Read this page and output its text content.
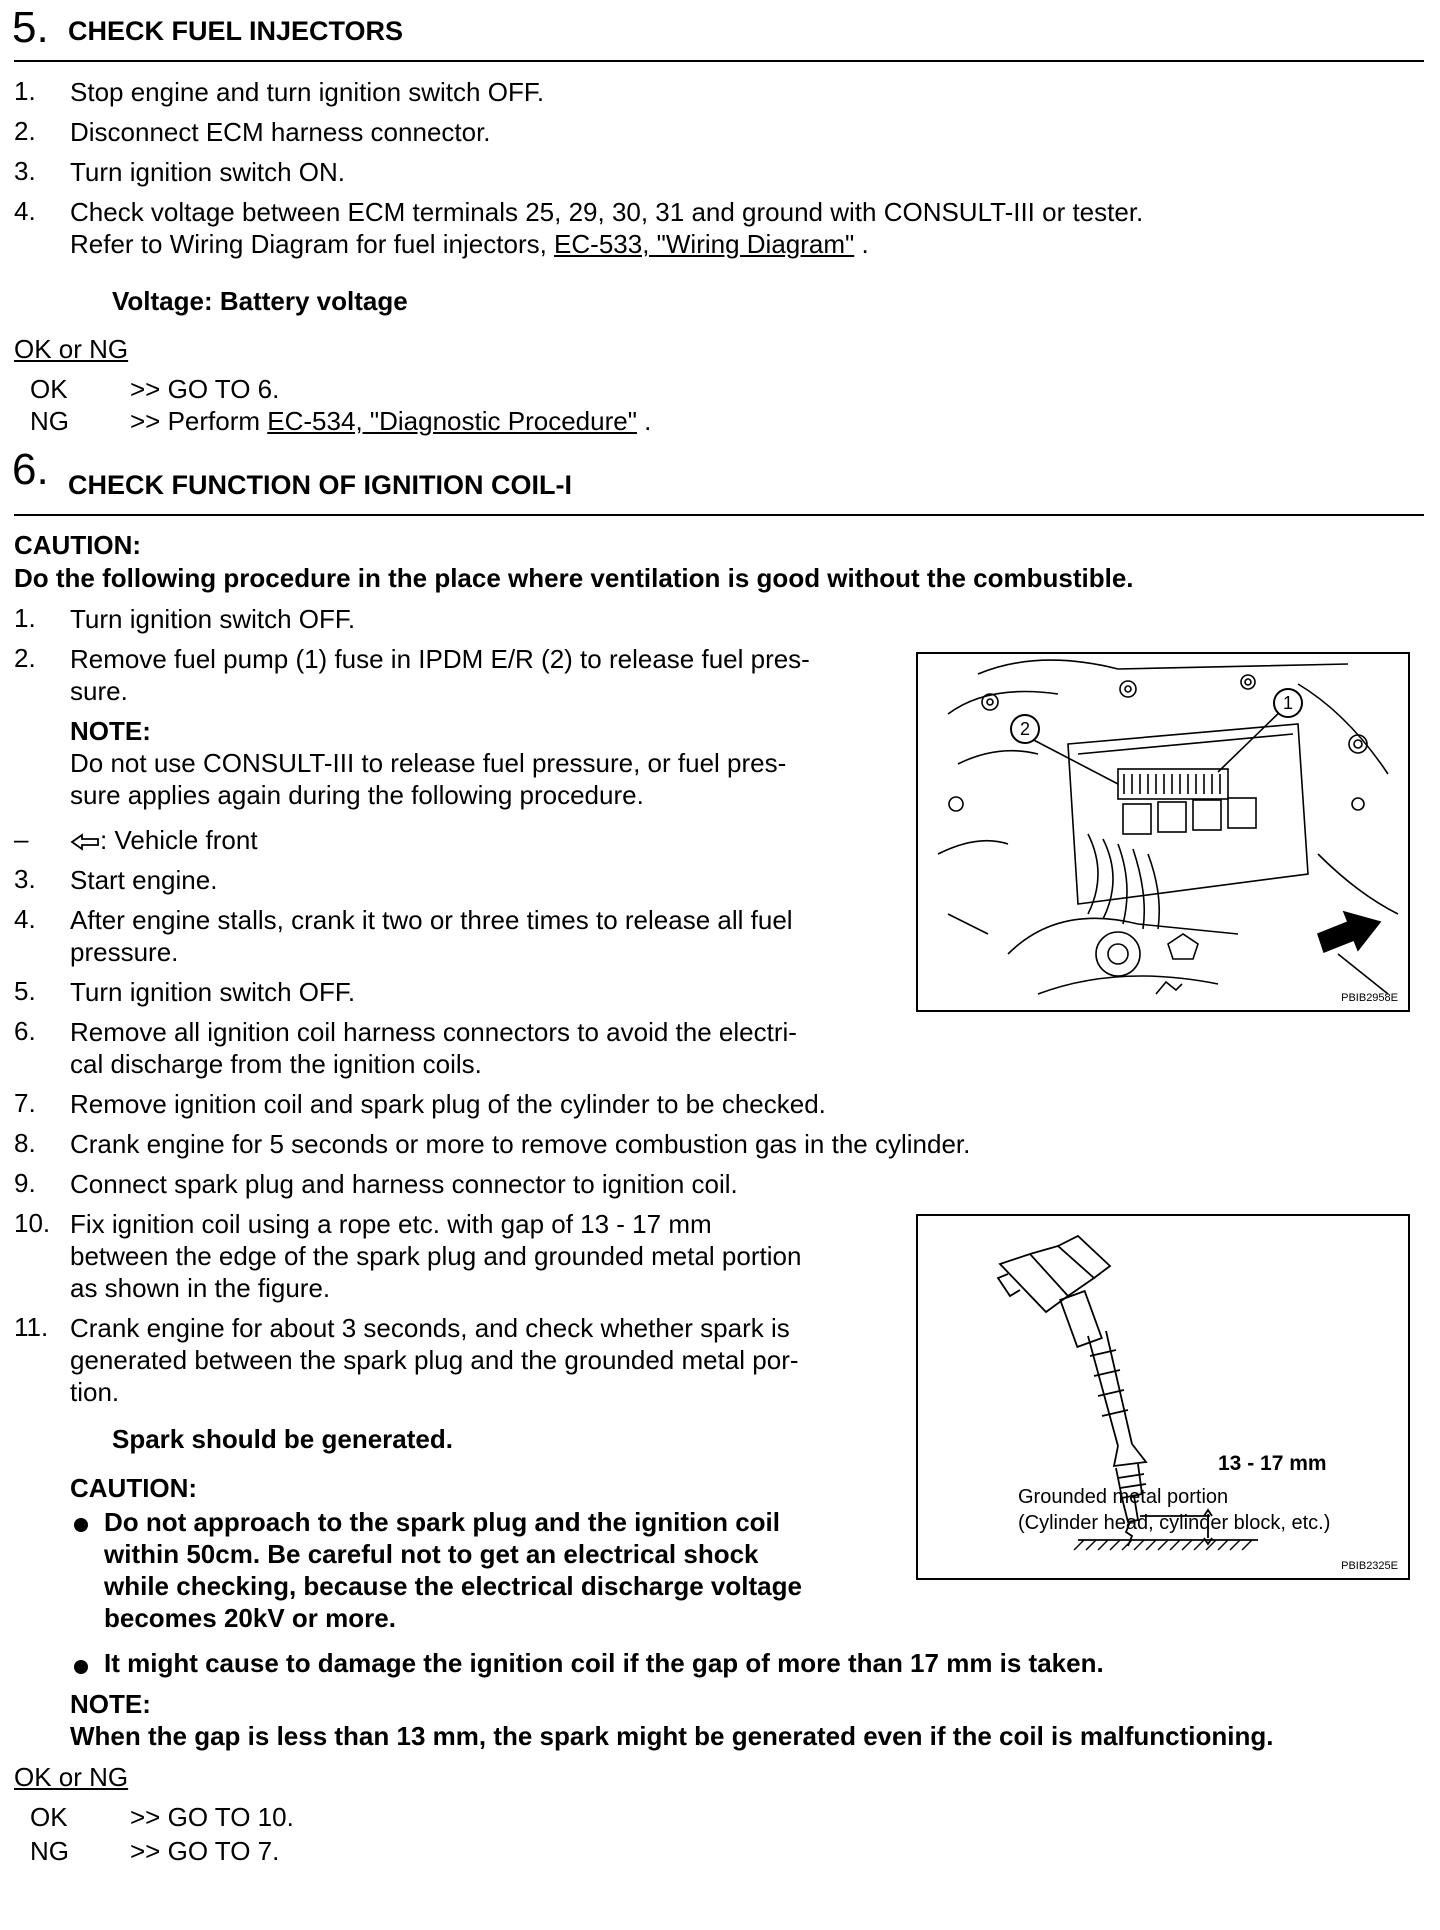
5. CHECK FUEL INJECTORS
1. Stop engine and turn ignition switch OFF.
2. Disconnect ECM harness connector.
3. Turn ignition switch ON.
4. Check voltage between ECM terminals 25, 29, 30, 31 and ground with CONSULT-III or tester.
Refer to Wiring Diagram for fuel injectors, EC-533, "Wiring Diagram" .
Voltage: Battery voltage
OK or NG
OK >> GO TO 6.
NG >> Perform EC-534, "Diagnostic Procedure" .
6. CHECK FUNCTION OF IGNITION COIL-I
CAUTION:
Do the following procedure in the place where ventilation is good without the combustible.
1. Turn ignition switch OFF.
2. Remove fuel pump (1) fuse in IPDM E/R (2) to release fuel pres-
sure.
NOTE:
Do not use CONSULT-III to release fuel pressure, or fuel pres-
sure applies again during the following procedure.
–	: Vehicle front
3. Start engine.
4. After engine stalls, crank it two or three times to release all fuel
pressure.
5. Turn ignition switch OFF.
6. Remove all ignition coil harness connectors to avoid the electri-
cal discharge from the ignition coils.
7. Remove ignition coil and spark plug of the cylinder to be checked.
8. Crank engine for 5 seconds or more to remove combustion gas in the cylinder.
9. Connect spark plug and harness connector to ignition coil.
10. Fix ignition coil using a rope etc. with gap of 13 - 17 mm
between the edge of the spark plug and grounded metal portion
as shown in the figure.
11. Crank engine for about 3 seconds, and check whether spark is
generated between the spark plug and the grounded metal por-
tion.
Spark should be generated.
CAUTION:
Do not approach to the spark plug and the ignition coil
within 50cm. Be careful not to get an electrical shock
while checking, because the electrical discharge voltage
becomes 20kV or more.
It might cause to damage the ignition coil if the gap of more than 17 mm is taken.
NOTE:
When the gap is less than 13 mm, the spark might be generated even if the coil is malfunctioning.
OK or NG
OK >> GO TO 10.
NG >> GO TO 7.
1
2
PBIB2958E
13 - 17 mm
Grounded metal portion
(Cylinder head, cylinder block, etc.)
PBIB2325E
